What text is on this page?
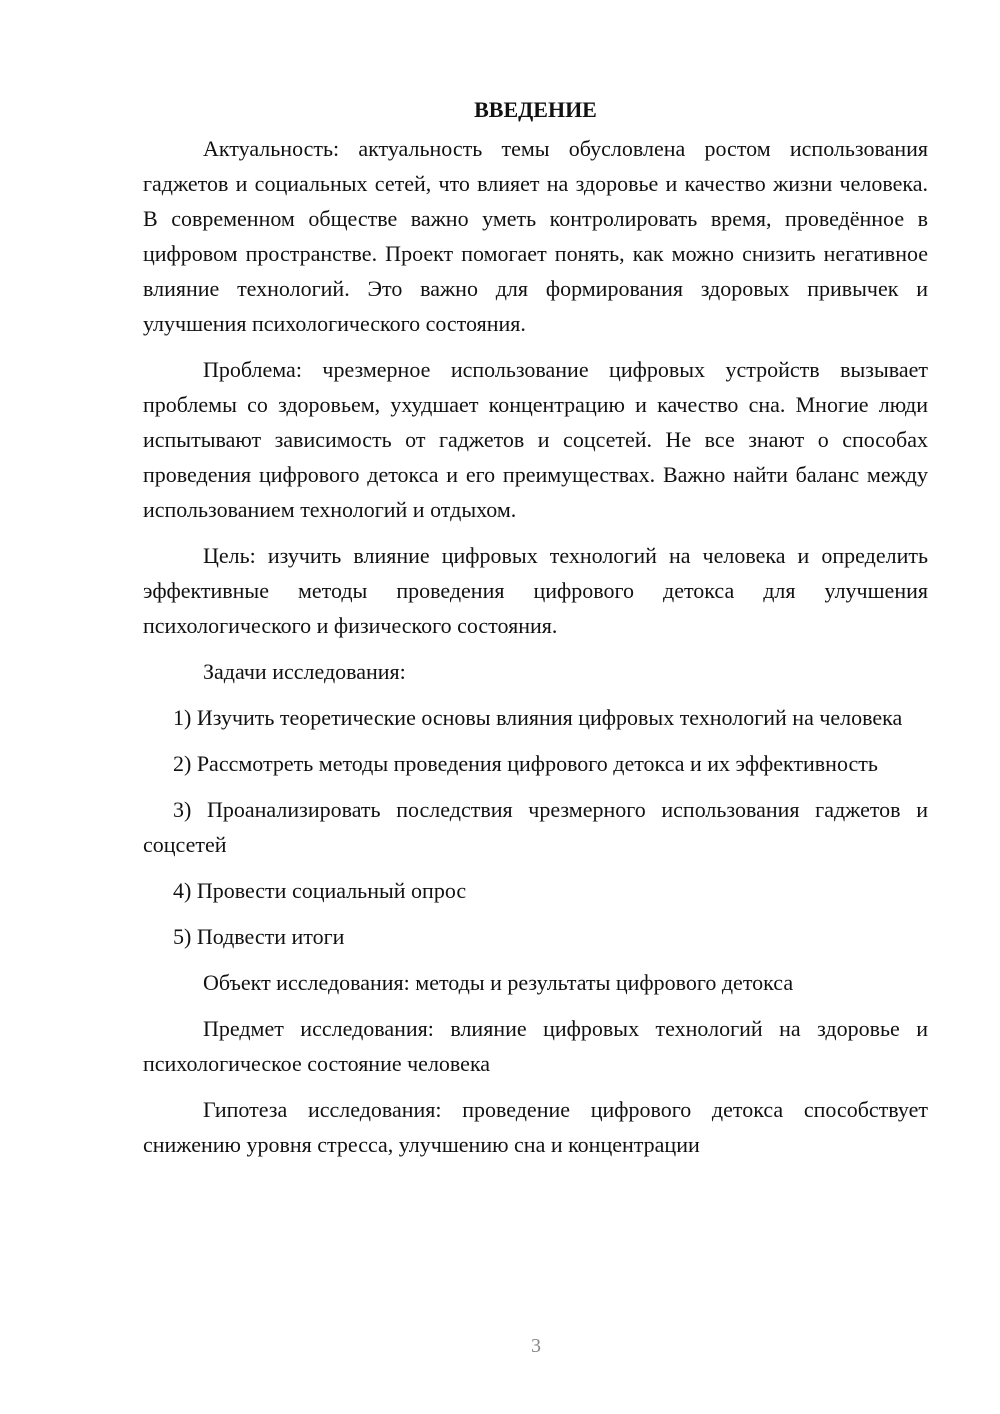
ВВЕДЕНИЕ

Актуальность: актуальность темы обусловлена ростом использования гаджетов и социальных сетей, что влияет на здоровье и качество жизни человека. В современном обществе важно уметь контролировать время, проведённое в цифровом пространстве. Проект помогает понять, как можно снизить негативное влияние технологий. Это важно для формирования здоровых привычек и улучшения психологического состояния.

Проблема: чрезмерное использование цифровых устройств вызывает проблемы со здоровьем, ухудшает концентрацию и качество сна. Многие люди испытывают зависимость от гаджетов и соцсетей. Не все знают о способах проведения цифрового детокса и его преимуществах. Важно найти баланс между использованием технологий и отдыхом.

Цель: изучить влияние цифровых технологий на человека и определить эффективные методы проведения цифрового детокса для улучшения психологического и физического состояния.

Задачи исследования:

1) Изучить теоретические основы влияния цифровых технологий на человека

2) Рассмотреть методы проведения цифрового детокса и их эффективность

3) Проанализировать последствия чрезмерного использования гаджетов и соцсетей

4) Провести социальный опрос

5) Подвести итоги

Объект исследования: методы и результаты цифрового детокса

Предмет исследования: влияние цифровых технологий на здоровье и психологическое состояние человека

Гипотеза исследования: проведение цифрового детокса способствует снижению уровня стресса, улучшению сна и концентрации

3
